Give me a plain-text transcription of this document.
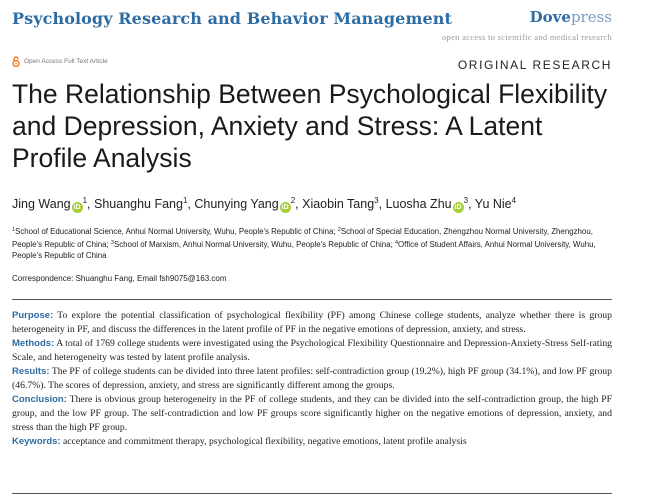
Psychology Research and Behavior Management	Dovepress
open access to scientific and medical research
Open Access Full Text Article	ORIGINAL RESEARCH
The Relationship Between Psychological Flexibility and Depression, Anxiety and Stress: A Latent Profile Analysis
Jing Wang $iD^1$, Shuanghu Fang$^1$, Chunying Yang $iD^2$, Xiaobin Tang$^3$, Luosha Zhu $iD^3$, Yu Nie$^4$
$^1$School of Educational Science, Anhui Normal University, Wuhu, People's Republic of China; $^2$School of Special Education, Zhengzhou Normal University, Zhengzhou, People's Republic of China; $^3$School of Marxism, Anhui Normal University, Wuhu, People's Republic of China; $^4$Office of Student Affairs, Anhui Normal University, Wuhu, People's Republic of China
Correspondence: Shuanghu Fang, Email fsh9075@163.com

Purpose: To explore the potential classification of psychological flexibility (PF) among Chinese college students, analyze whether there is group heterogeneity in PF, and discuss the differences in the latent profile of PF in the negative emotions of depression, anxiety, and stress.

Methods: A total of 1769 college students were investigated using the Psychological Flexibility Questionnaire and Depression-Anxiety-Stress Self-rating Scale, and heterogeneity was tested by latent profile analysis.

Results: The PF of college students can be divided into three latent profiles: self-contradiction group (19.2%), high PF group (34.1%), and low PF group (46.7%). The scores of depression, anxiety, and stress are significantly different among the groups.

Conclusion: There is obvious group heterogeneity in the PF of college students, and they can be divided into the self-contradiction group, the high PF group, and the low PF group. The self-contradiction and low PF groups score significantly higher on the negative emotions of depression, anxiety, and stress than the high PF group.

Keywords: acceptance and commitment therapy, psychological flexibility, negative emotions, latent profile analysis
